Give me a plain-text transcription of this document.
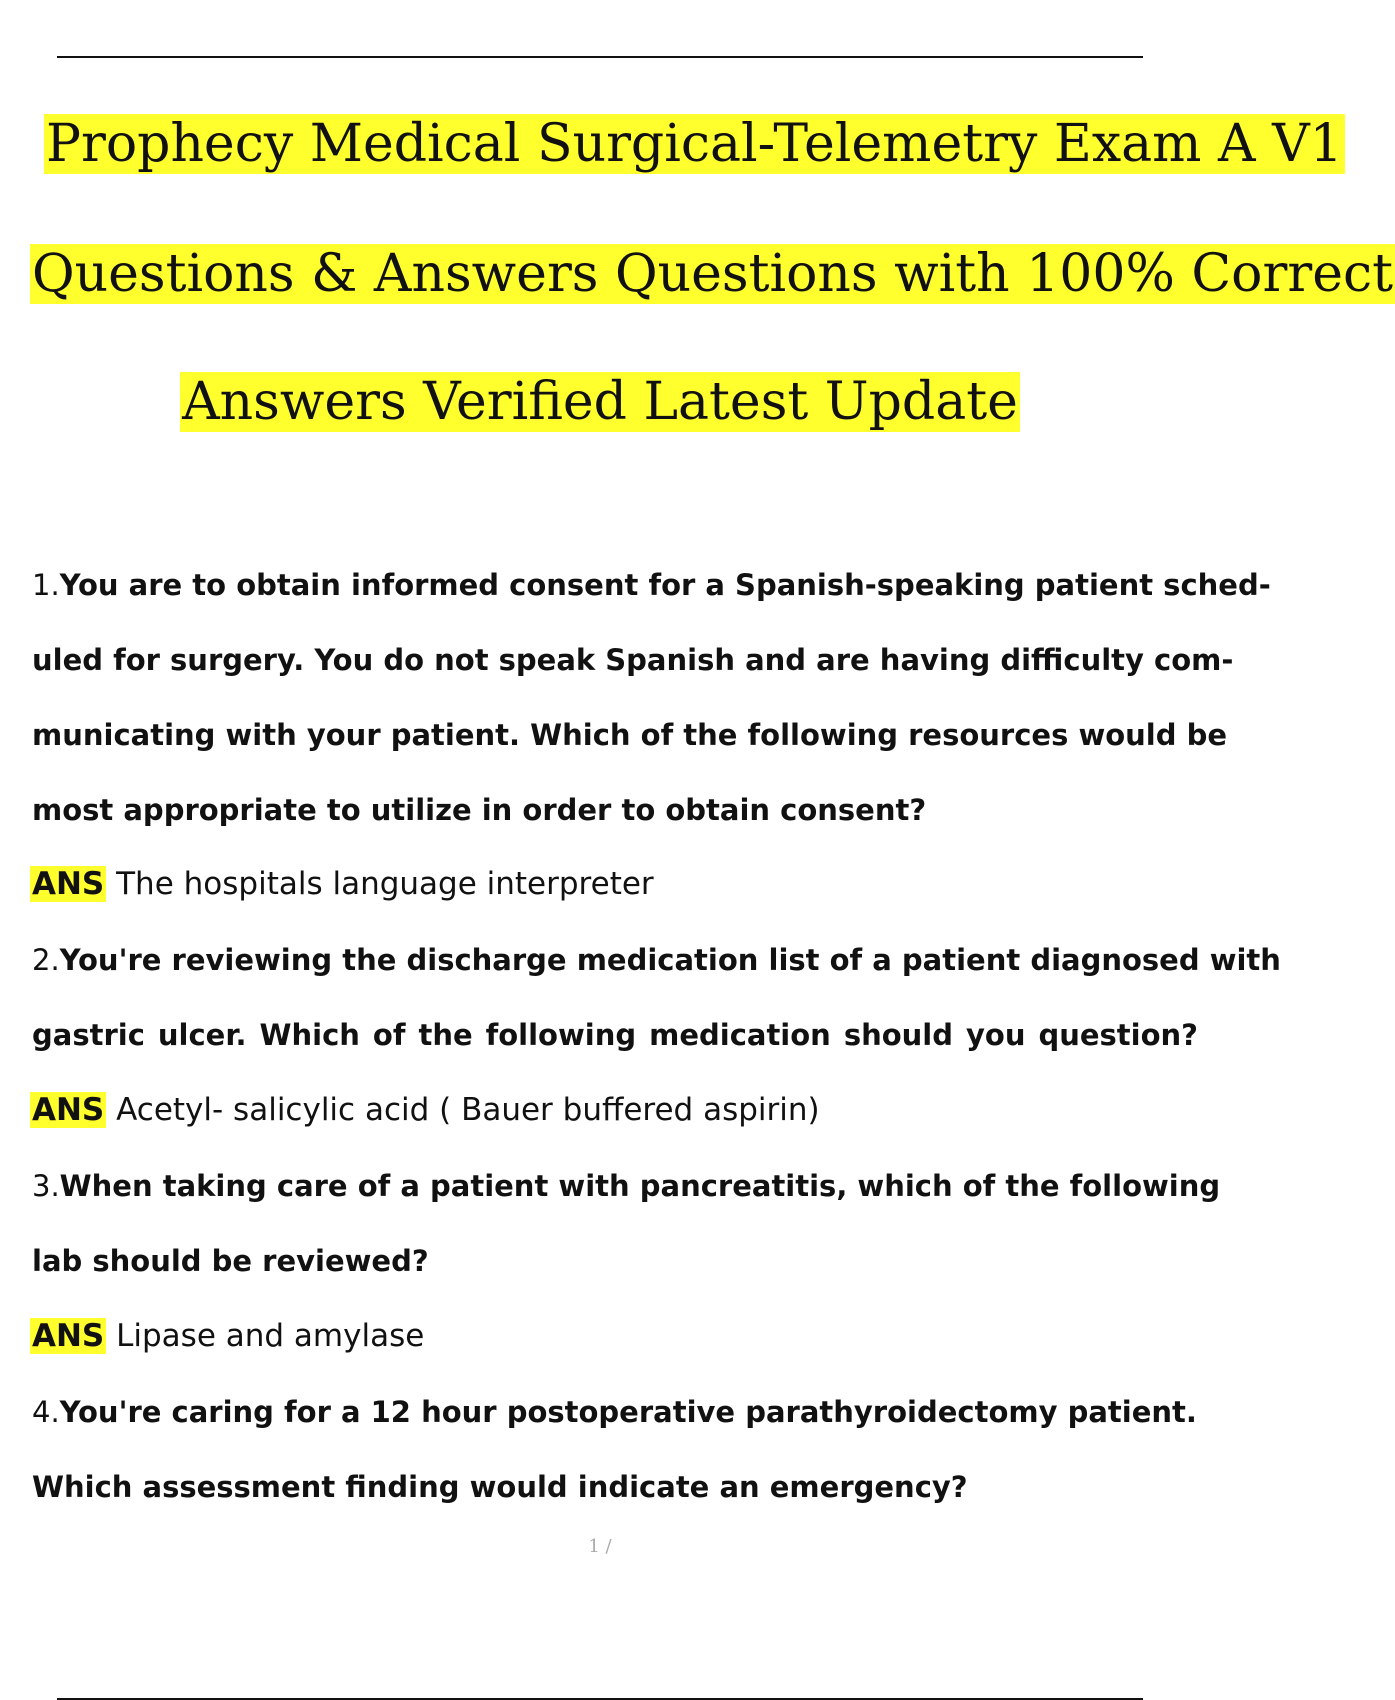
Prophecy Medical Surgical-Telemetry Exam A V1
Questions & Answers Questions with 100% Correct
Answers Verified Latest Update
1.You are to obtain informed consent for a Spanish-speaking patient sched-
uled for surgery. You do not speak Spanish and are having difficulty com-
municating with your patient. Which of the following resources would be
most appropriate to utilize in order to obtain consent?
ANS The hospitals language interpreter
2.You're reviewing the discharge medication list of a patient diagnosed with
gastric ulcer. Which of the following medication should you question?
ANS Acetyl- salicylic acid ( Bauer buffered aspirin)
3.When taking care of a patient with pancreatitis, which of the following
lab should be reviewed?
ANS Lipase and amylase
4.You're caring for a 12 hour postoperative parathyroidectomy patient.
Which assessment finding would indicate an emergency?
1 /
